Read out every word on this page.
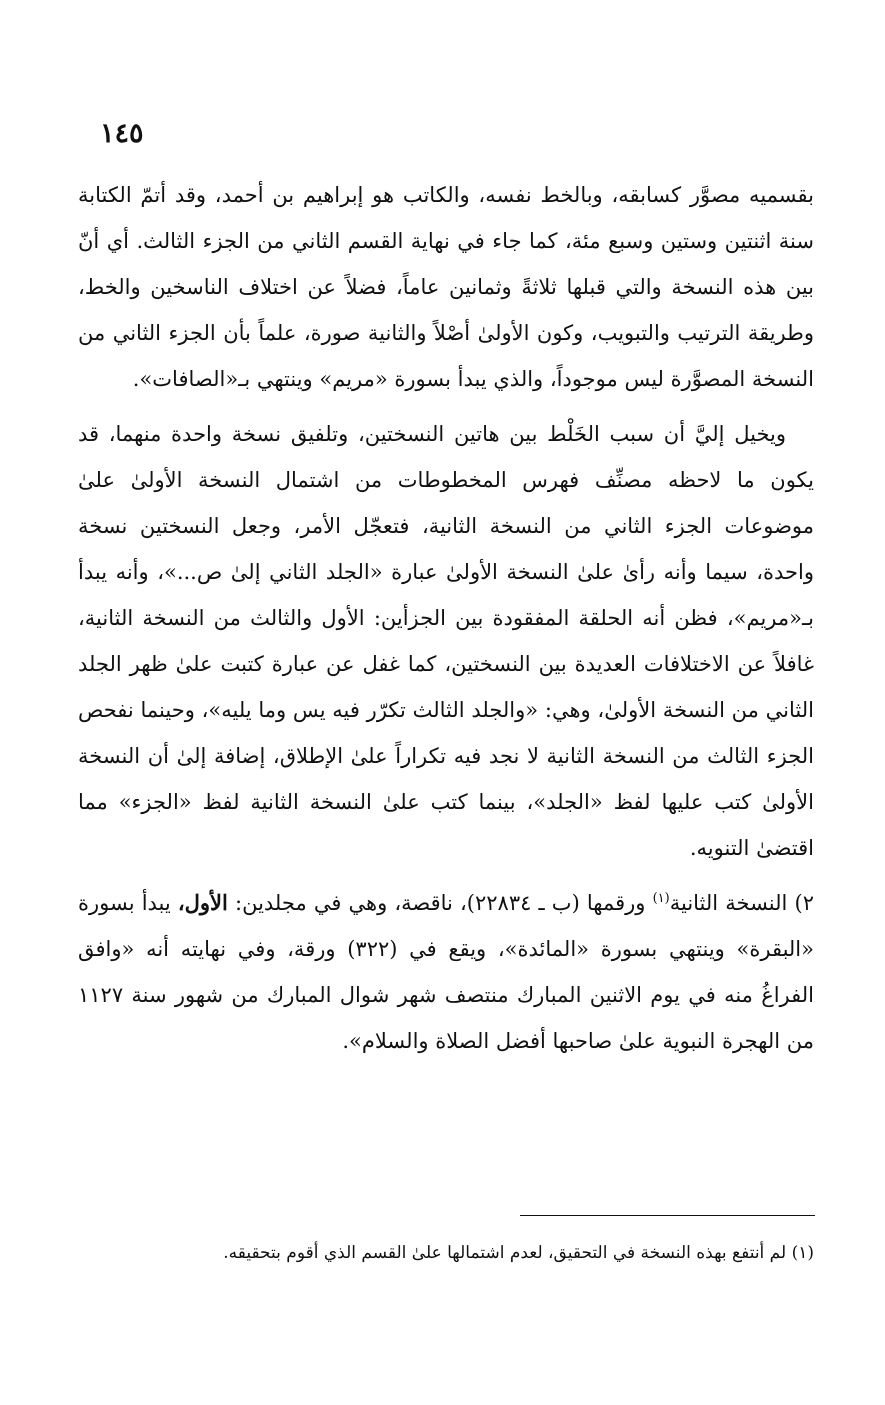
١٤٥

بقسميه مصوَّر كسابقه، وبالخط نفسه، والكاتب هو إبراهيم بن أحمد، وقد أتمّ الكتابة سنة اثنتين وستين وسبع مئة، كما جاء في نهاية القسم الثاني من الجزء الثالث. أي أنّ بين هذه النسخة والتي قبلها ثلاثةً وثمانين عاماً، فضلاً عن اختلاف الناسخين والخط، وطريقة الترتيب والتبويب، وكون الأولىٰ أصْلاً والثانية صورة، علماً بأن الجزء الثاني من النسخة المصوَّرة ليس موجوداً، والذي يبدأ بسورة «مريم» وينتهي بـ«الصافات».

ويخيل إليَّ أن سبب الخَلْط بين هاتين النسختين، وتلفيق نسخة واحدة منهما، قد يكون ما لاحظه مصنِّف فهرس المخطوطات من اشتمال النسخة الأولىٰ علىٰ موضوعات الجزء الثاني من النسخة الثانية، فتعجّل الأمر، وجعل النسختين نسخة واحدة، سيما وأنه رأىٰ علىٰ النسخة الأولىٰ عبارة «الجلد الثاني إلىٰ ص...»، وأنه يبدأ بـ«مريم»، فظن أنه الحلقة المفقودة بين الجزأين: الأول والثالث من النسخة الثانية، غافلاً عن الاختلافات العديدة بين النسختين، كما غفل عن عبارة كتبت علىٰ ظهر الجلد الثاني من النسخة الأولىٰ، وهي: «والجلد الثالث تكرّر فيه يس وما يليه»، وحينما نفحص الجزء الثالث من النسخة الثانية لا نجد فيه تكراراً علىٰ الإطلاق، إضافة إلىٰ أن النسخة الأولىٰ كتب عليها لفظ «الجلد»، بينما كتب علىٰ النسخة الثانية لفظ «الجزء» مما اقتضىٰ التنويه.

٢) النسخة الثانية$^{(١)}$ ورقمها (ب ـ ٢٢٨٣٤)، ناقصة، وهي في مجلدين: الأول، يبدأ بسورة «البقرة» وينتهي بسورة «المائدة»، ويقع في (٣٢٢) ورقة، وفي نهايته أنه «وافق الفراغُ منه في يوم الاثنين المبارك منتصف شهر شوال المبارك من شهور سنة ١١٢٧ من الهجرة النبوية علىٰ صاحبها أفضل الصلاة والسلام».

(١) لم أنتفع بهذه النسخة في التحقيق، لعدم اشتمالها علىٰ القسم الذي أقوم بتحقيقه.
